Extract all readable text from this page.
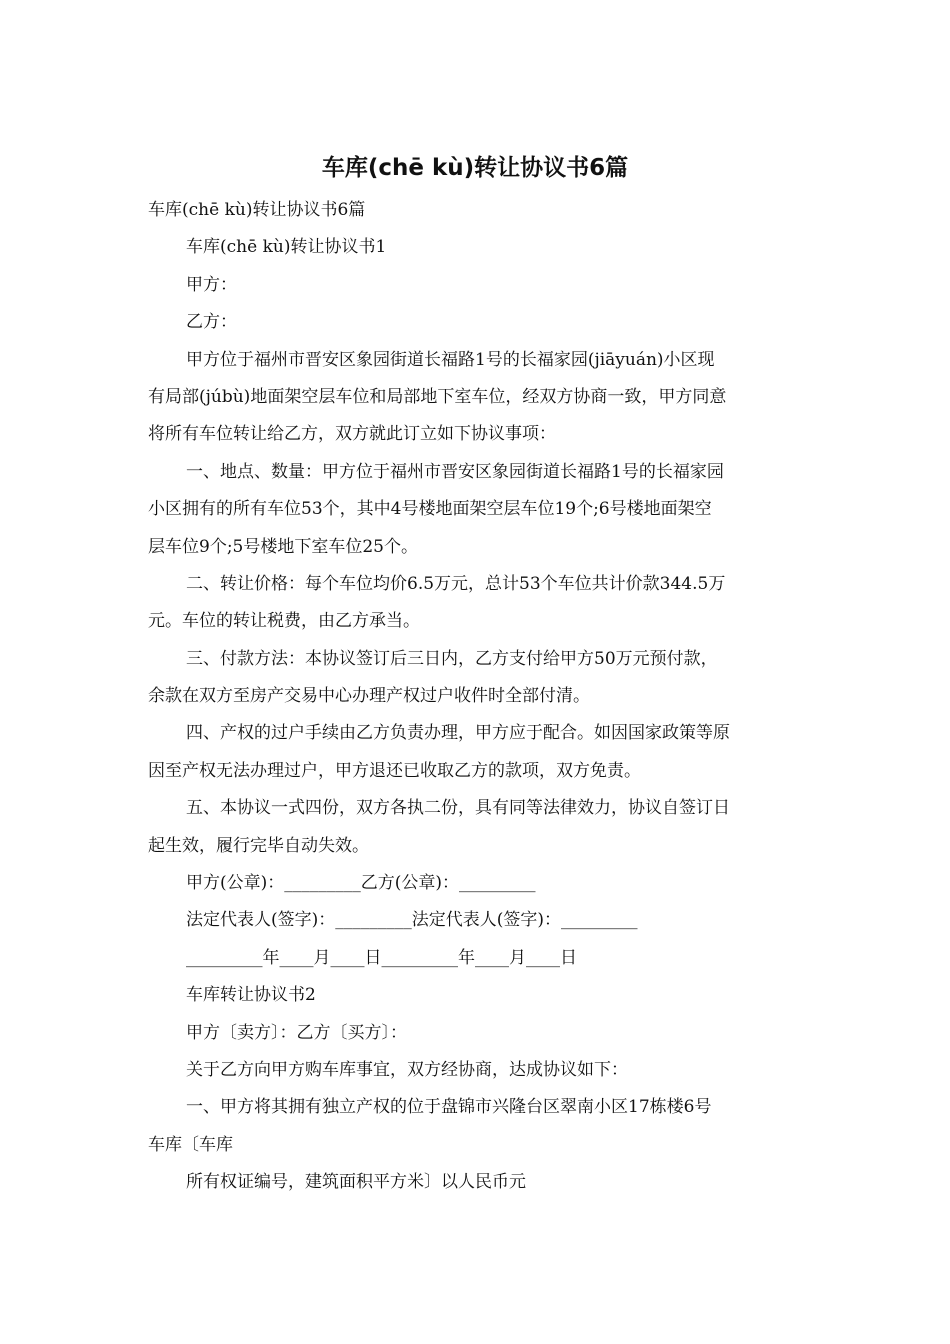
车库(chē kù)转让协议书6篇
车库(chē kù)转让协议书6篇
车库(chē kù)转让协议书1
甲方：
乙方：
甲方位于福州市晋安区象园街道长福路1号的长福家园(jiāyuán)小区现
有局部(júbù)地面架空层车位和局部地下室车位，经双方协商一致，甲方同意
将所有车位转让给乙方，双方就此订立如下协议事项：
一、地点、数量：甲方位于福州市晋安区象园街道长福路1号的长福家园
小区拥有的所有车位53个，其中4号楼地面架空层车位19个;6号楼地面架空
层车位9个;5号楼地下室车位25个。
二、转让价格：每个车位均价6.5万元，总计53个车位共计价款344.5万
元。车位的转让税费，由乙方承当。
三、付款方法：本协议签订后三日内，乙方支付给甲方50万元预付款，
余款在双方至房产交易中心办理产权过户收件时全部付清。
四、产权的过户手续由乙方负责办理，甲方应于配合。如因国家政策等原
因至产权无法办理过户，甲方退还已收取乙方的款项，双方免责。
五、本协议一式四份，双方各执二份，具有同等法律效力，协议自签订日
起生效，履行完毕自动失效。
甲方(公章)：_________乙方(公章)：_________
法定代表人(签字)：_________法定代表人(签字)：_________
_________年____月____日_________年____月____日
车库转让协议书2
甲方〔卖方〕：乙方〔买方〕：
关于乙方向甲方购车库事宜，双方经协商，达成协议如下：
一、甲方将其拥有独立产权的位于盘锦市兴隆台区翠南小区17栋楼6号
车库〔车库
所有权证编号，建筑面积平方米〕以人民币元
